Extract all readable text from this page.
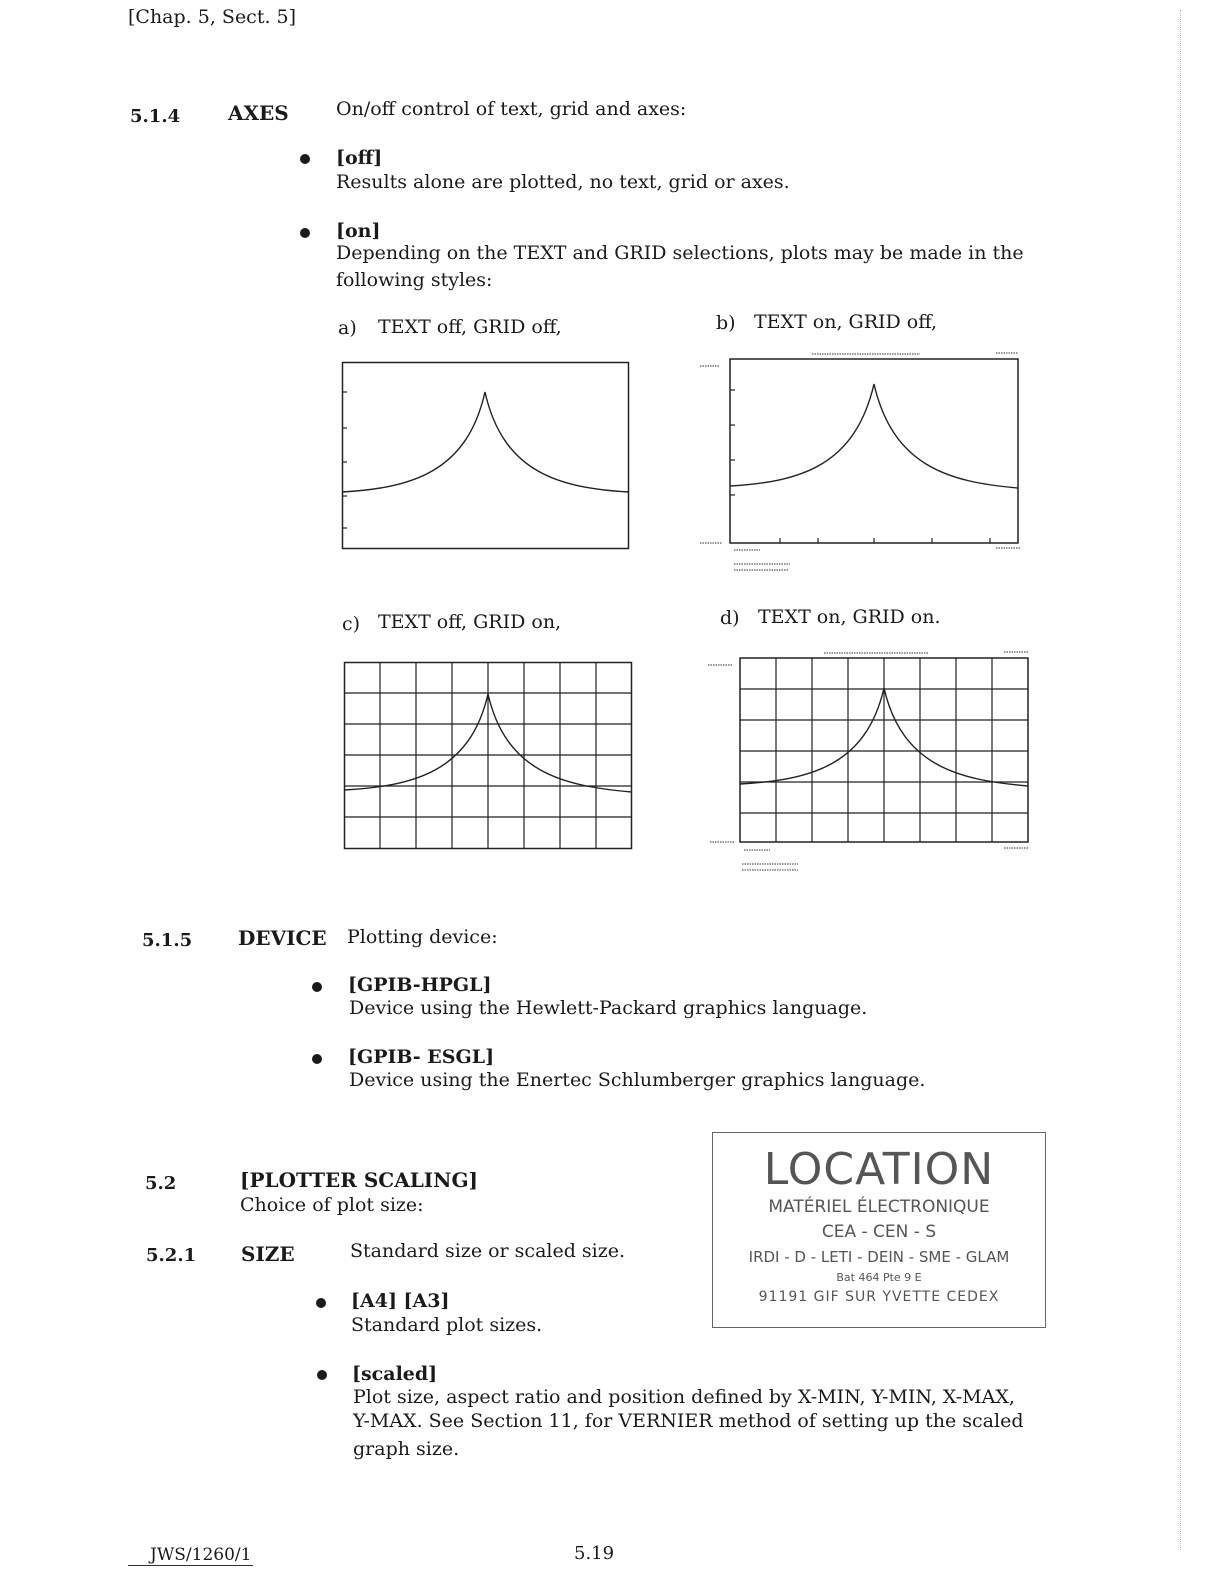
[Chap. 5, Sect. 5]
5.1.4 AXES On/off control of text, grid and axes:
[off]
Results alone are plotted, no text, grid or axes.
[on]
Depending on the TEXT and GRID selections, plots may be made in the
following styles:
a) TEXT off, GRID off,	b) TEXT on, GRID off,
c) TEXT off, GRID on,	d) TEXT on, GRID on.
5.1.5 DEVICE Plotting device:
[GPIB-HPGL]
Device using the Hewlett-Packard graphics language.
[GPIB- ESGL]
Device using the Enertec Schlumberger graphics language.
5.2	[PLOTTER SCALING]
Choice of plot size:
5.2.1 SIZE	Standard size or scaled size.
[A4] [A3]
Standard plot sizes.
[scaled]
Plot size, aspect ratio and position defined by X-MIN, Y-MIN, X-MAX,
Y-MAX. See Section 11, for VERNIER method of setting up the scaled
graph size.
LOCATION
MATÉRIEL ÉLECTRONIQUE
CEA - CEN - S
IRDI - D - LETI - DEIN - SME - GLAM
Bat 464 Pte 9 E
91191 GIF SUR YVETTE CEDEX
JWS/1260/1	5.19
